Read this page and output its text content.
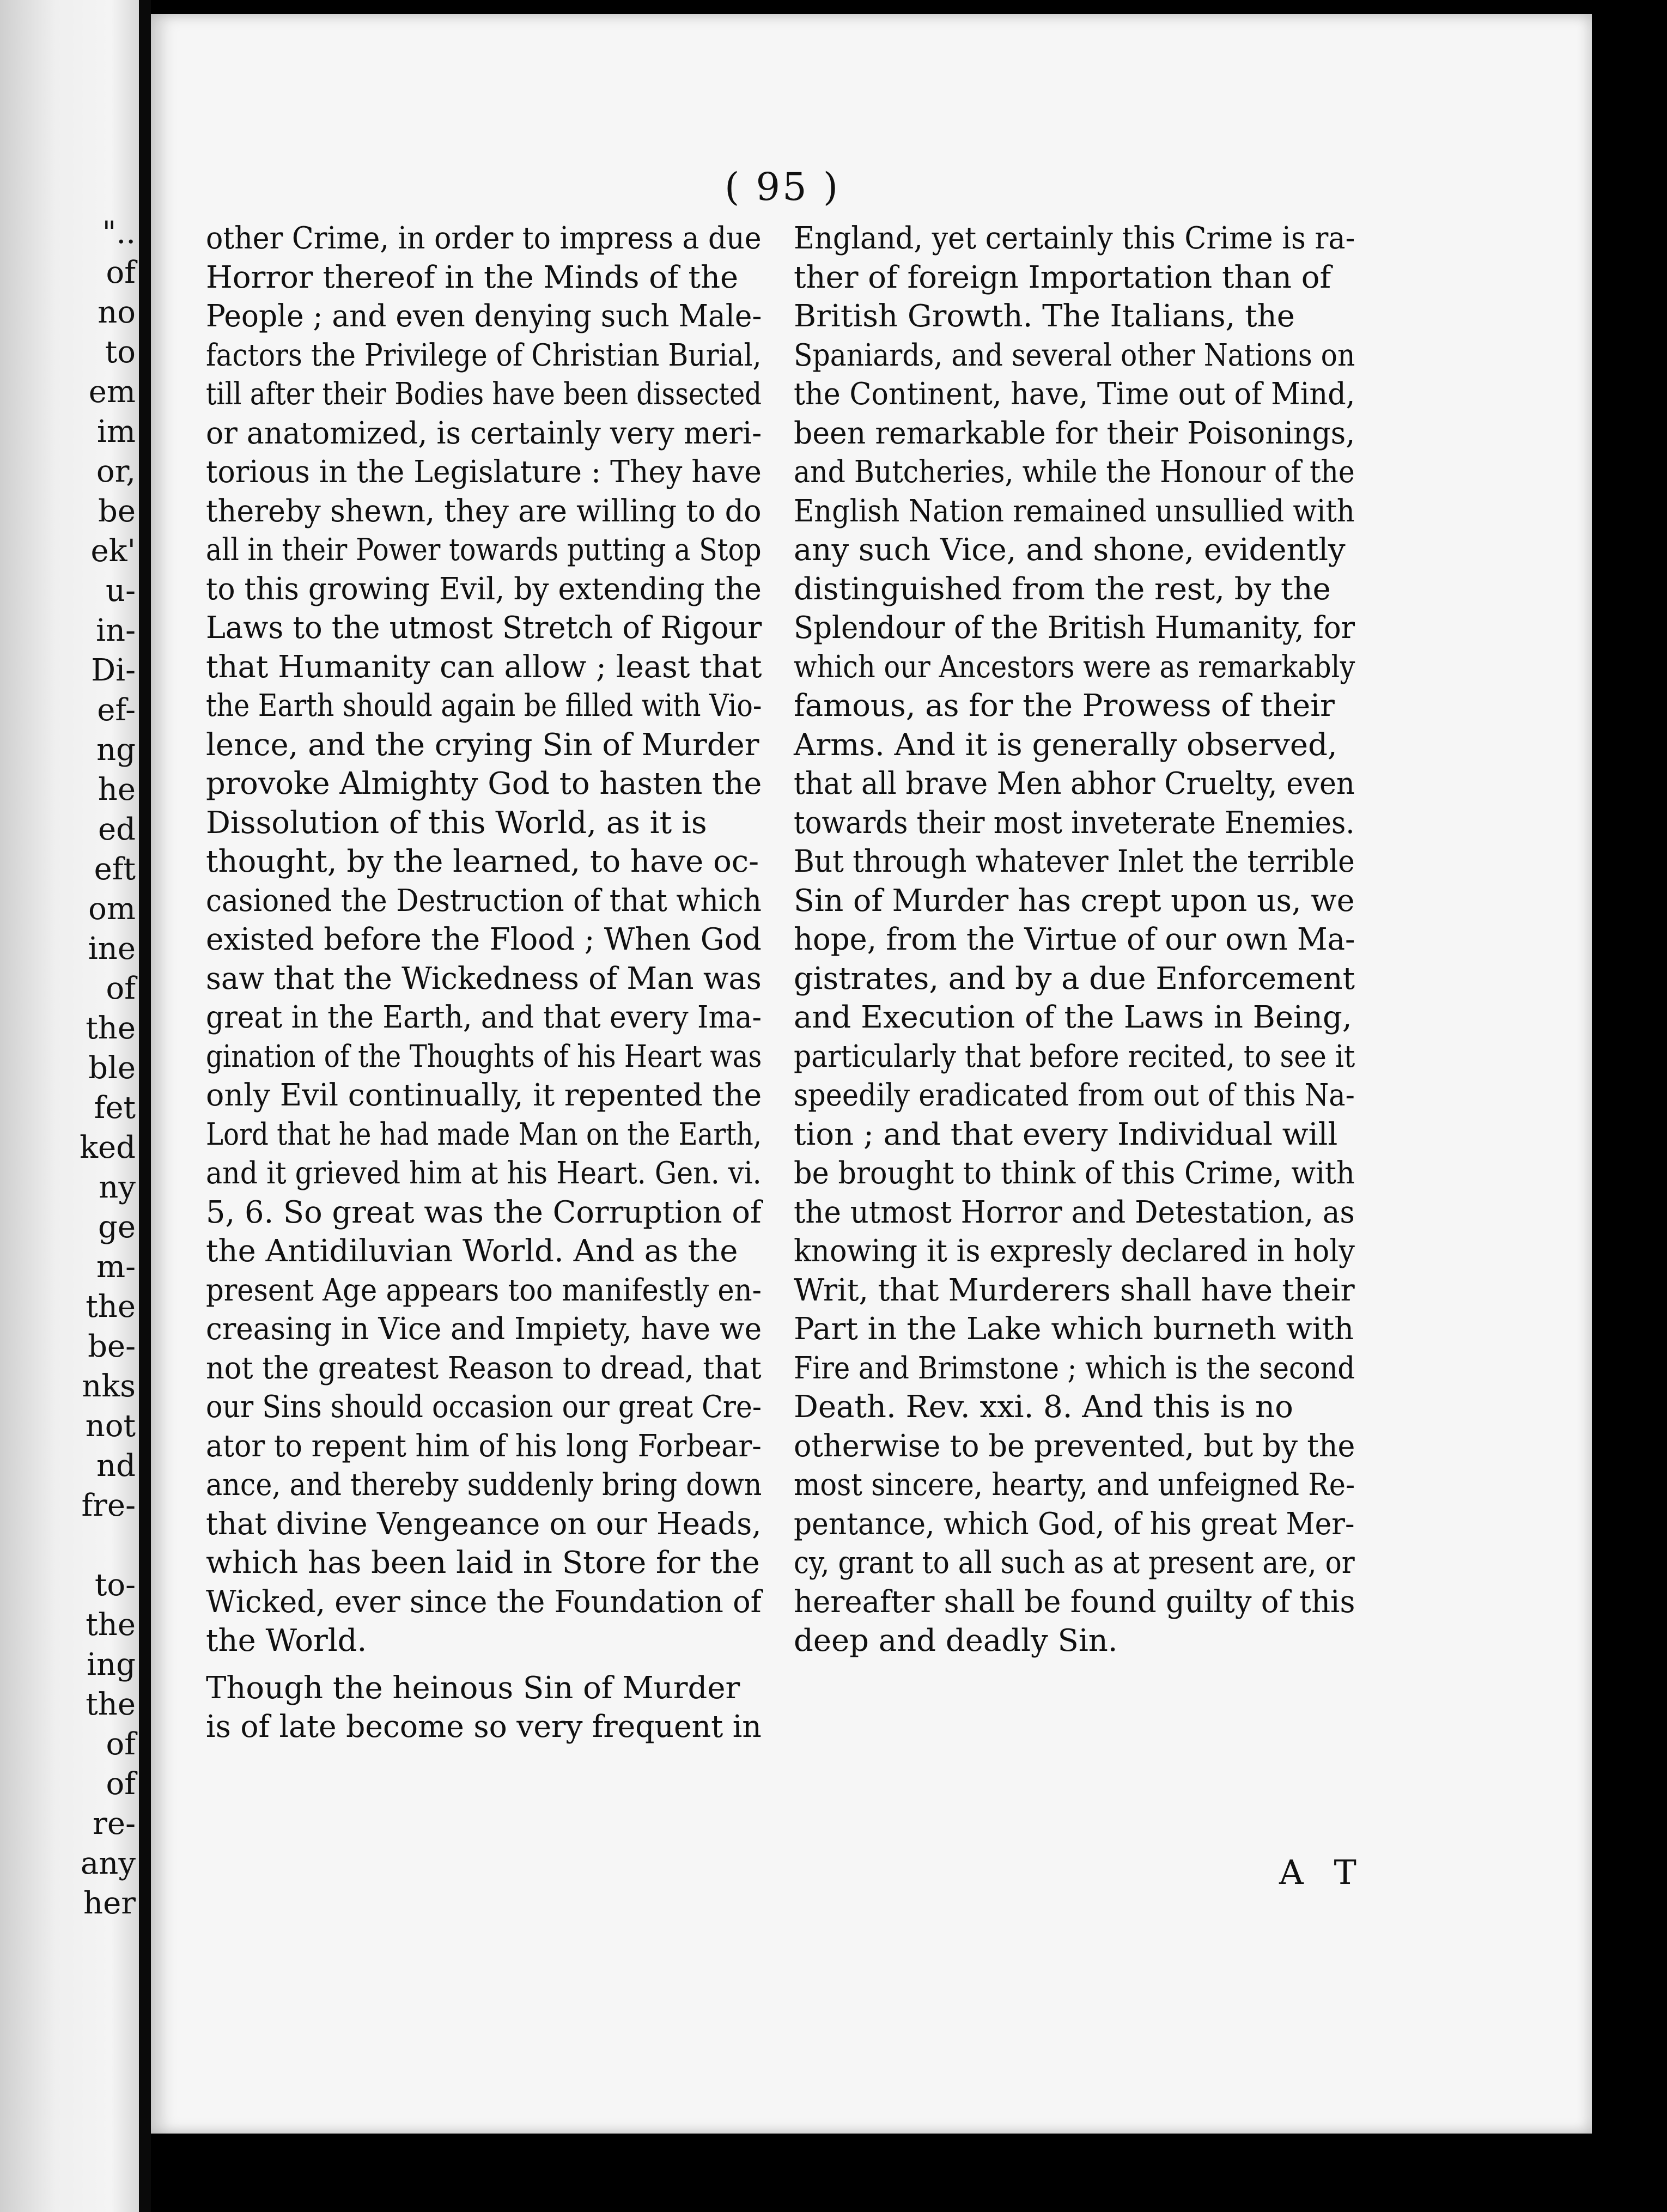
"..
of
no
to
em
im
or,
be
ek'
u-
in-
Di-
ef-
ng
he
ed
eft
om
ine
of
the
ble
fet
ked
ny
ge
m-
the
be-
nks
not
nd
fre-
to-
the
ing
the
of
of
re-
any
her
( 95 )
other Crime, in order to impress a due
Horror thereof in the Minds of the
People ; and even denying such Male-
factors the Privilege of Christian Burial,
till after their Bodies have been dissected
or anatomized, is certainly very meri-
torious in the Legislature : They have
thereby shewn, they are willing to do
all in their Power towards putting a Stop
to this growing Evil, by extending the
Laws to the utmost Stretch of Rigour
that Humanity can allow ; least that
the Earth should again be filled with Vio-
lence, and the crying Sin of Murder
provoke Almighty God to hasten the
Dissolution of this World, as it is
thought, by the learned, to have oc-
casioned the Destruction of that which
existed before the Flood ; When God
saw that the Wickedness of Man was
great in the Earth, and that every Ima-
gination of the Thoughts of his Heart was
only Evil continually, it repented the
Lord that he had made Man on the Earth,
and it grieved him at his Heart. Gen. vi.
5, 6. So great was the Corruption of
the Antidiluvian World. And as the
present Age appears too manifestly en-
creasing in Vice and Impiety, have we
not the greatest Reason to dread, that
our Sins should occasion our great Cre-
ator to repent him of his long Forbear-
ance, and thereby suddenly bring down
that divine Vengeance on our Heads,
which has been laid in Store for the
Wicked, ever since the Foundation of
the World.
Though the heinous Sin of Murder
is of late become so very frequent in
England, yet certainly this Crime is ra-
ther of foreign Importation than of
British Growth. The Italians, the
Spaniards, and several other Nations on
the Continent, have, Time out of Mind,
been remarkable for their Poisonings,
and Butcheries, while the Honour of the
English Nation remained unsullied with
any such Vice, and shone, evidently
distinguished from the rest, by the
Splendour of the British Humanity, for
which our Ancestors were as remarkably
famous, as for the Prowess of their
Arms. And it is generally observed,
that all brave Men abhor Cruelty, even
towards their most inveterate Enemies.
But through whatever Inlet the terrible
Sin of Murder has crept upon us, we
hope, from the Virtue of our own Ma-
gistrates, and by a due Enforcement
and Execution of the Laws in Being,
particularly that before recited, to see it
speedily eradicated from out of this Na-
tion ; and that every Individual will
be brought to think of this Crime, with
the utmost Horror and Detestation, as
knowing it is expresly declared in holy
Writ, that Murderers shall have their
Part in the Lake which burneth with
Fire and Brimstone ; which is the second
Death. Rev. xxi. 8. And this is no
otherwise to be prevented, but by the
most sincere, hearty, and unfeigned Re-
pentance, which God, of his great Mer-
cy, grant to all such as at present are, or
hereafter shall be found guilty of this
deep and deadly Sin.
A T
